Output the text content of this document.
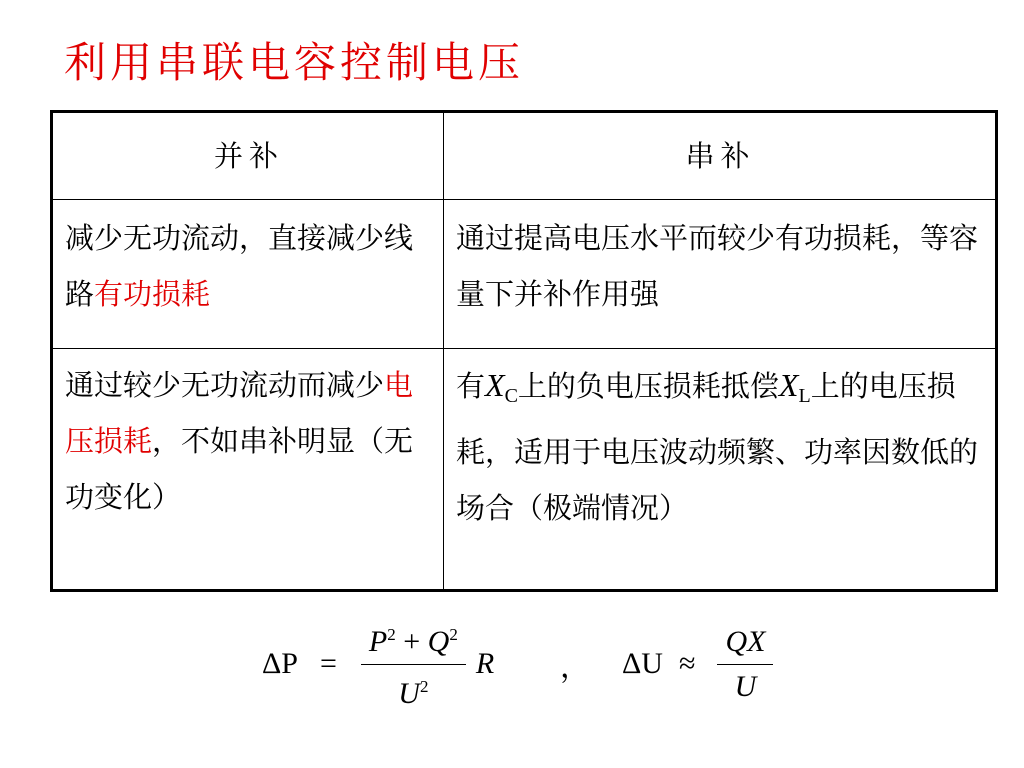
利用串联电容控制电压
并补	串补
减少无功流动，直接减少线路有功损耗	通过提高电压水平而较少有功损耗，等容量下并补作用强
通过较少无功流动而减少电压损耗，不如串补明显（无功变化）	有$X_C$上的负电压损耗抵偿$X_L$上的电压损耗，适用于电压波动频繁、功率因数低的场合（极端情况）
$\Delta P = \frac{P^2 + Q^2}{U^2}$ R ， $\Delta U \approx \frac{QX}{U}$
